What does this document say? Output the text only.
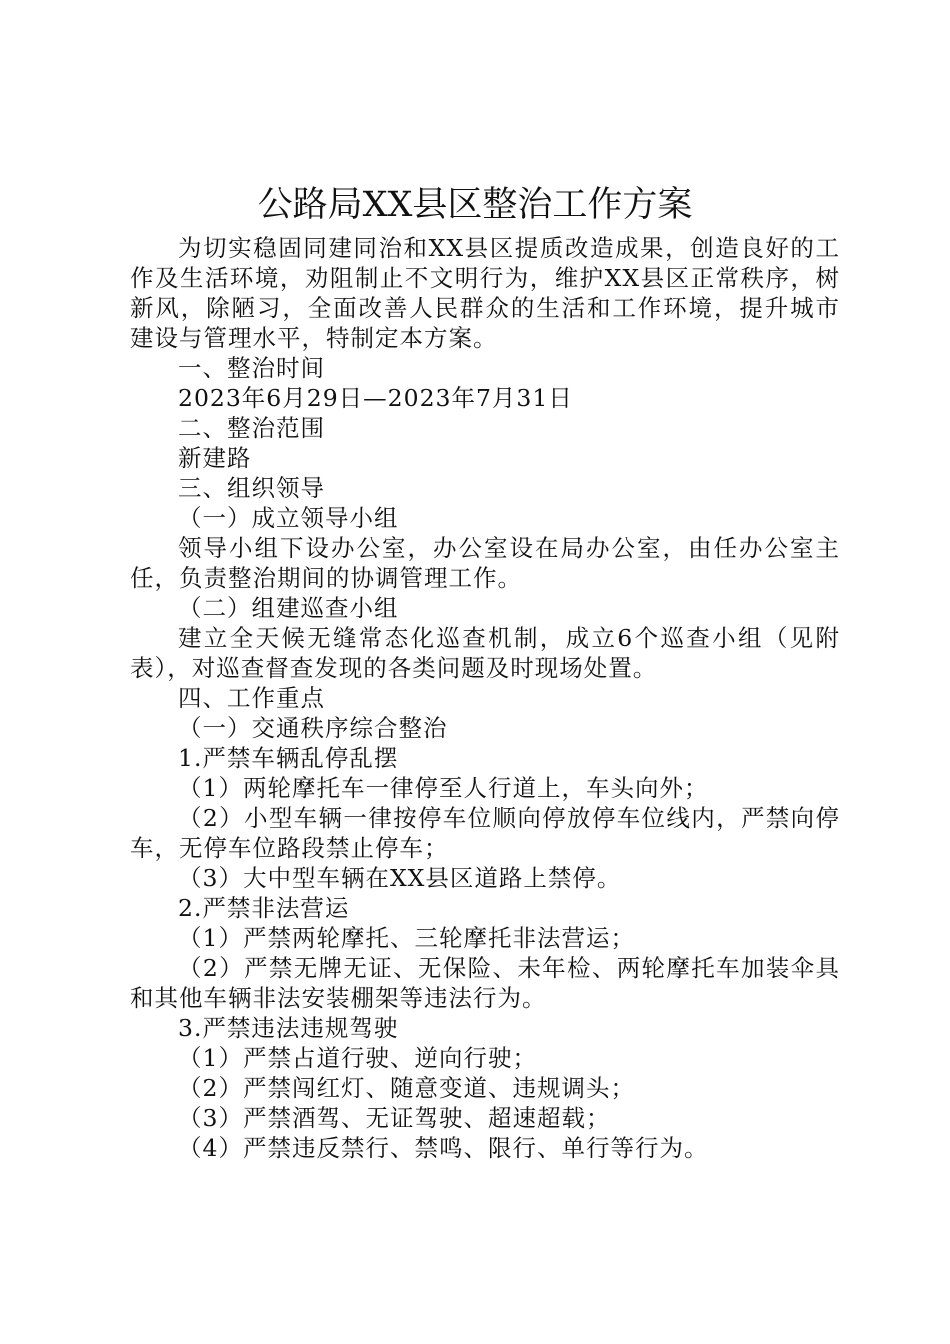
公路局XX县区整治工作方案

为切实稳固同建同治和XX县区提质改造成果，创造良好的工作及生活环境，劝阻制止不文明行为，维护XX县区正常秩序，树新风，除陋习，全面改善人民群众的生活和工作环境，提升城市建设与管理水平，特制定本方案。

一、整治时间

2023年6月29日—2023年7月31日

二、整治范围

新建路

三、组织领导

（一）成立领导小组

领导小组下设办公室，办公室设在局办公室，由任办公室主任，负责整治期间的协调管理工作。

（二）组建巡查小组

建立全天候无缝常态化巡查机制，成立6个巡查小组（见附表），对巡查督查发现的各类问题及时现场处置。

四、工作重点

（一）交通秩序综合整治

1.严禁车辆乱停乱摆

（1）两轮摩托车一律停至人行道上，车头向外；

（2）小型车辆一律按停车位顺向停放停车位线内，严禁向停车，无停车位路段禁止停车；

（3）大中型车辆在XX县区道路上禁停。

2.严禁非法营运

（1）严禁两轮摩托、三轮摩托非法营运；

（2）严禁无牌无证、无保险、未年检、两轮摩托车加装伞具和其他车辆非法安装棚架等违法行为。

3.严禁违法违规驾驶

（1）严禁占道行驶、逆向行驶；

（2）严禁闯红灯、随意变道、违规调头；

（3）严禁酒驾、无证驾驶、超速超载；

（4）严禁违反禁行、禁鸣、限行、单行等行为。
